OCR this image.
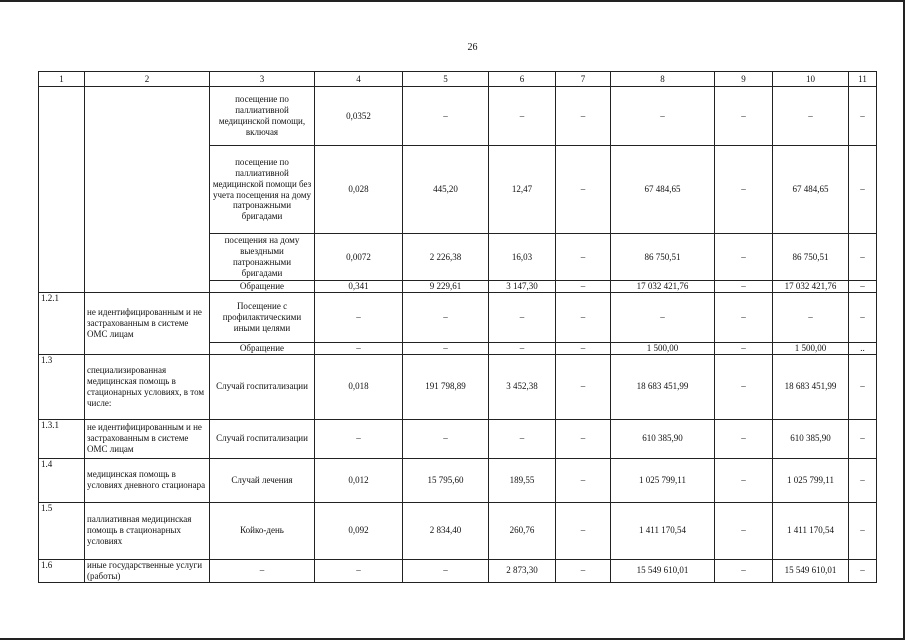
26
1	2	3	4	5	6	7	8	9	10	11
		посещение по паллиативной медицинской помощи, включая	0,0352	–	–	–	–	–	–	–
		посещение по паллиативной медицинской помощи без учета посещения на дому патронажными бригадами	0,028	445,20	12,47	–	67 484,65	–	67 484,65	–
		посещения на дому выездными патронажными бригадами	0,0072	2 226,38	16,03	–	86 750,51	–	86 750,51	–
		Обращение	0,341	9 229,61	3 147,30	–	17 032 421,76	–	17 032 421,76	–
1.2.1	не идентифицированным и не застрахованным в системе ОМС лицам	Посещение с профилактическими иными целями	–	–	–	–	–	–	–	–
		Обращение	–	–	–	–	1 500,00	–	1 500,00	..
1.3	специализированная медицинская помощь в стационарных условиях, в том числе:	Случай госпитализации	0,018	191 798,89	3 452,38	–	18 683 451,99	–	18 683 451,99	–
1.3.1	не идентифицированным и не застрахованным в системе ОМС лицам	Случай госпитализации	–	–	–	–	610 385,90	–	610 385,90	–
1.4	медицинская помощь в условиях дневного стационара	Случай лечения	0,012	15 795,60	189,55	–	1 025 799,11	–	1 025 799,11	–
1.5	паллиативная медицинская помощь в стационарных условиях	Койко-день	0,092	2 834,40	260,76	–	1 411 170,54	–	1 411 170,54	–
1.6	иные государственные услуги (работы)	–	–	–	2 873,30	–	15 549 610,01	–	15 549 610,01	–
